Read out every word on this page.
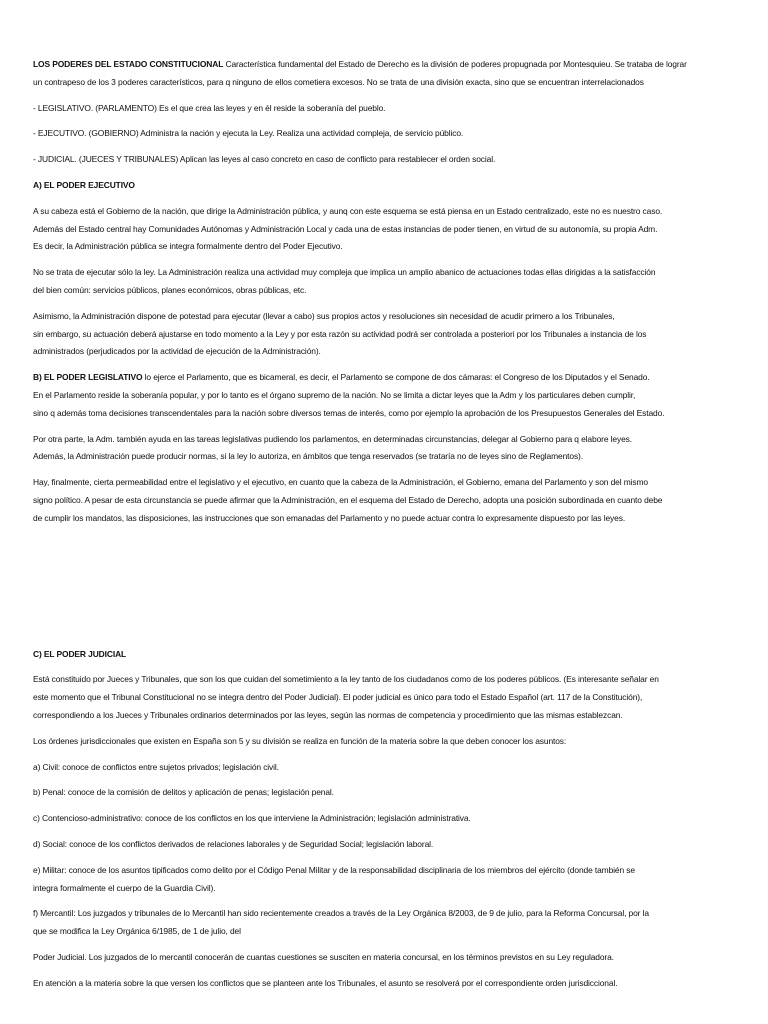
LOS PODERES DEL ESTADO CONSTITUCIONAL Característica fundamental del Estado de Derecho es la división de poderes propugnada por Montesquieu. Se trataba de lograr
un contrapeso de los 3 poderes característicos, para q ninguno de ellos cometiera excesos. No se trata de una división exacta, sino que se encuentran interrelacionados

- LEGISLATIVO. (PARLAMENTO) Es el que crea las leyes y en él reside la soberanía del pueblo.

- EJECUTIVO. (GOBIERNO) Administra la nación y ejecuta la Ley. Realiza una actividad compleja, de servicio público.

- JUDICIAL. (JUECES Y TRIBUNALES) Aplican las leyes al caso concreto en caso de conflicto para restablecer el orden social.

A) EL PODER EJECUTIVO

A su cabeza está el Gobierno de la nación, que dirige la Administración pública, y aunq con este esquema se está piensa en un Estado centralizado, este no es nuestro caso.
Además del Estado central hay Comunidades Autónomas y Administración Local y cada una de estas instancias de poder tienen, en virtud de su autonomía, su propia Adm.
Es decir, la Administración pública se integra formalmente dentro del Poder Ejecutivo.

No se trata de ejecutar sólo la ley. La Administración realiza una actividad muy compleja que implica un amplio abanico de actuaciones todas ellas dirigidas a la satisfacción
del bien común: servicios públicos, planes económicos, obras públicas, etc.

Asimismo, la Administración dispone de potestad para ejecutar (llevar a cabo) sus propios actos y resoluciones sin necesidad de acudir primero a los Tribunales,
sin embargo, su actuación deberá ajustarse en todo momento a la Ley y por esta razón su actividad podrá ser controlada a posteriori por los Tribunales a instancia de los
administrados (perjudicados por la actividad de ejecución de la Administración).

B) EL PODER LEGISLATIVO lo ejerce el Parlamento, que es bicameral, es decir, el Parlamento se compone de dos cámaras: el Congreso de los Diputados y el Senado.
En el Parlamento reside la soberanía popular, y por lo tanto es el órgano supremo de la nación. No se limita a dictar leyes que la Adm y los particulares deben cumplir,
sino q además toma decisiones transcendentales para la nación sobre diversos temas de interés, como por ejemplo la aprobación de los Presupuestos Generales del Estado.

Por otra parte, la Adm. también ayuda en las tareas legislativas pudiendo los parlamentos, en determinadas circunstancias, delegar al Gobierno para q elabore leyes.
Además, la Administración puede producir normas, si la ley lo autoriza, en ámbitos que tenga reservados (se trataría no de leyes sino de Reglamentos).

Hay, finalmente, cierta permeabilidad entre el legislativo y el ejecutivo, en cuanto que la cabeza de la Administración, el Gobierno, emana del Parlamento y son del mismo
signo político. A pesar de esta circunstancia se puede afirmar que la Administración, en el esquema del Estado de Derecho, adopta una posición subordinada en cuanto debe
de cumplir los mandatos, las disposiciones, las instrucciones que son emanadas del Parlamento y no puede actuar contra lo expresamente dispuesto por las leyes.

C) EL PODER JUDICIAL

Está constituido por Jueces y Tribunales, que son los que cuidan del sometimiento a la ley tanto de los ciudadanos como de los poderes públicos. (Es interesante señalar en
este momento que el Tribunal Constitucional no se integra dentro del Poder Judicial). El poder judicial es único para todo el Estado Español (art. 117 de la Constitución),
correspondiendo a los Jueces y Tribunales ordinarios determinados por las leyes, según las normas de competencia y procedimiento que las mismas establezcan.

Los órdenes jurisdiccionales que existen en España son 5 y su división se realiza en función de la materia sobre la que deben conocer los asuntos:

a) Civil: conoce de conflictos entre sujetos privados; legislación civil.

b) Penal: conoce de la comisión de delitos y aplicación de penas; legislación penal.

c) Contencioso-administrativo: conoce de los conflictos en los que interviene la Administración; legislación administrativa.

d) Social: conoce de los conflictos derivados de relaciones laborales y de Seguridad Social; legislación laboral.

e) Militar: conoce de los asuntos tipificados como delito por el Código Penal Militar y de la responsabilidad disciplinaria de los miembros del ejército (donde también se
integra formalmente el cuerpo de la Guardia Civil).

f) Mercantil: Los juzgados y tribunales de lo Mercantil han sido recientemente creados a través de la Ley Orgánica 8/2003, de 9 de julio, para la Reforma Concursal, por la
que se modifica la Ley Orgánica 6/1985, de 1 de julio, del

Poder Judicial. Los juzgados de lo mercantil conocerán de cuantas cuestiones se susciten en materia concursal, en los términos previstos en su Ley reguladora.

En atención a la materia sobre la que versen los conflictos que se planteen ante los Tribunales, el asunto se resolverá por el correspondiente orden jurisdiccional.
